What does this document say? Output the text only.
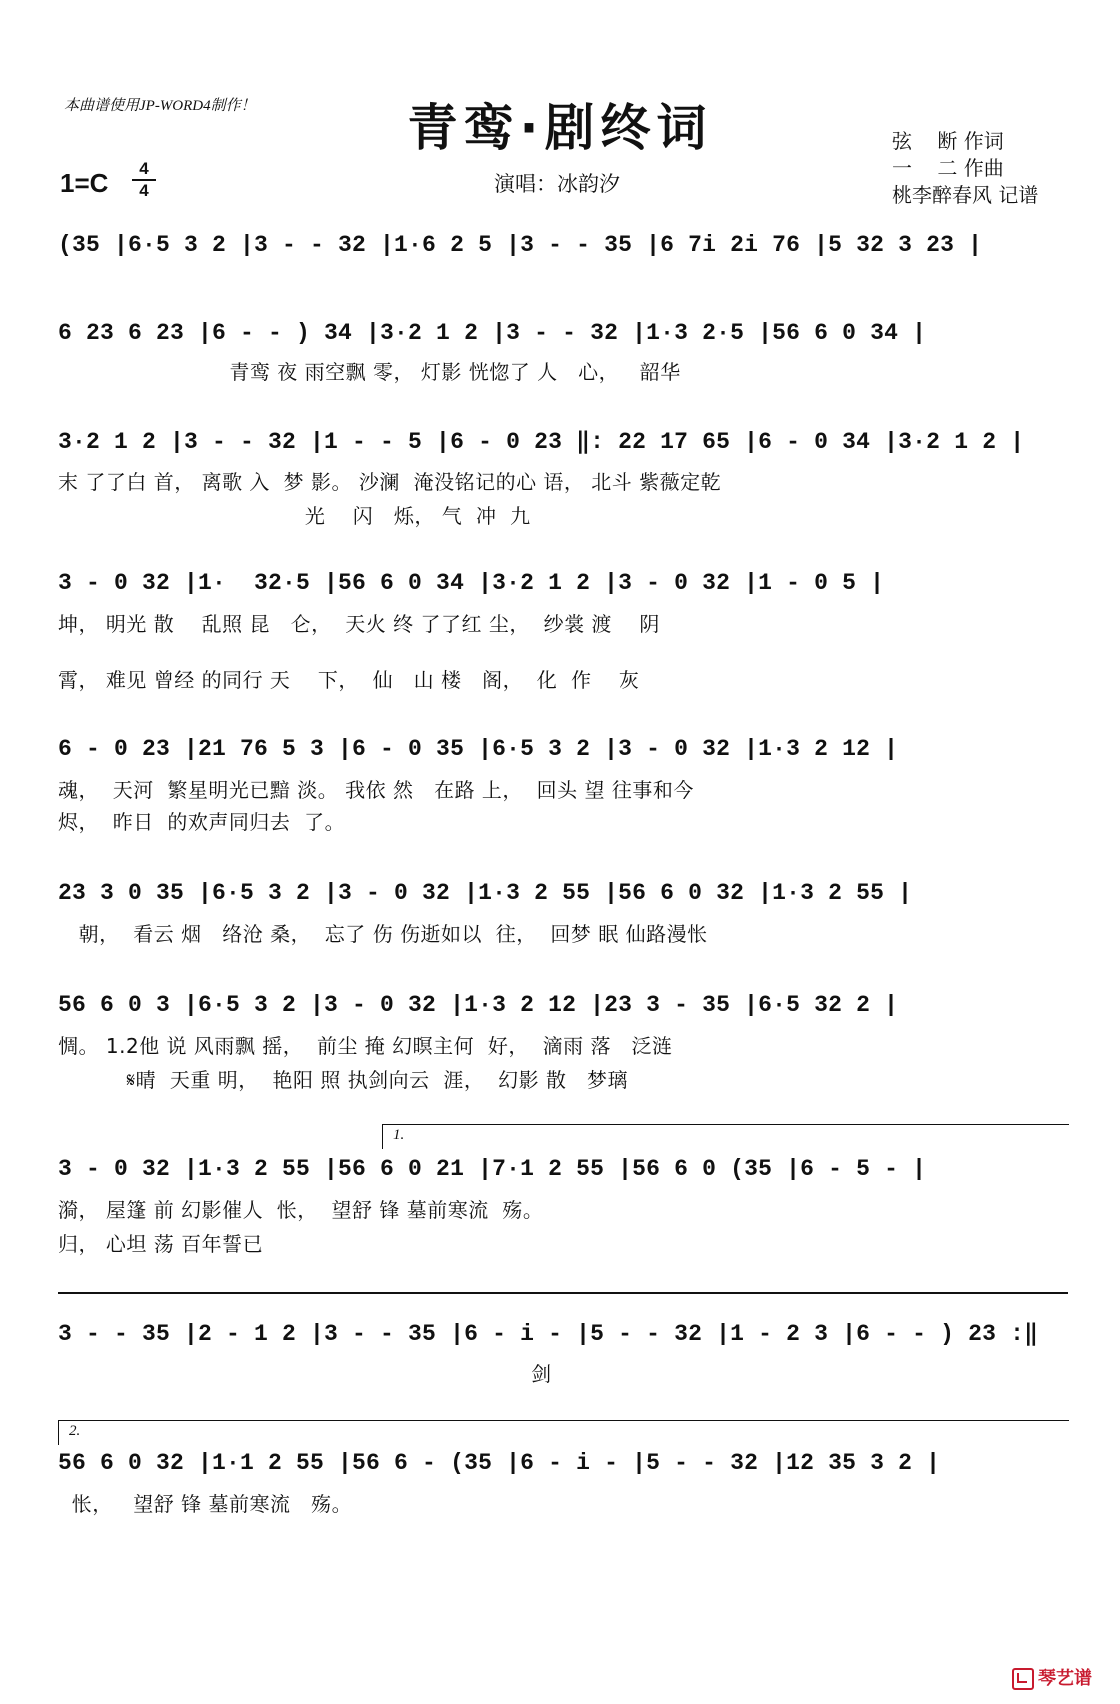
本曲谱使用JP-WORD4制作！	青鸾·剧终词
1=C	4
4	演唱：冰韵汐
弦    断 作词
一    二 作曲
桃李醉春风 记谱
(35 |6·5 3 2 |3 - - 32 |1·6 2 5 |3 - - 35 |6 7i 2i 76 |5 32 3 23 |
6 23 6 23 |6 - - ) 34 |3·2 1 2 |3 - - 32 |1·3 2·5 |56 6 0 34 |
青鸾 夜 雨空飘 零， 灯影 恍惚了 人   心，   韶华
3·2 1 2 |3 - - 32 |1 - - 5 |6 - 0 23 ‖: 22 17 65 |6 - 0 34 |3·2 1 2 |
末 了了白 首， 离歌 入  梦 影。 沙澜  淹没铭记的心 语， 北斗 紫薇定乾
光    闪   烁， 气  冲  九
3 - 0 32 |1·  32·5 |56 6 0 34 |3·2 1 2 |3 - 0 32 |1 - 0 5 |
坤， 明光 散    乱照 昆   仑，  天火 终 了了红 尘，  纱裳 渡    阴
霄， 难见 曾经 的同行 天    下，  仙   山 楼   阁，  化  作    灰
6 - 0 23 |21 76 5 3 |6 - 0 35 |6·5 3 2 |3 - 0 32 |1·3 2 12 |
魂，  天河  繁星明光已黯 淡。 我依 然   在路 上，  回头 望 往事和今
烬，  昨日  的欢声同归去  了。
23 3 0 35 |6·5 3 2 |3 - 0 32 |1·3 2 55 |56 6 0 32 |1·3 2 55 |
朝，  看云 烟   络沧 桑，  忘了 伤 伤逝如以  往，  回梦 眠 仙路漫怅
56 6 0 3 |6·5 3 2 |3 - 0 32 |1·3 2 12 |23 3 - 35 |6·5 32 2 |
惆。 1.2他 说 风雨飘 摇，  前尘 掩 幻暝主何  好，  滴雨 落   泛涟
𝄋晴  天重 明，  艳阳 照 执剑向云  涯，  幻影 散   梦璃
1.
3 - 0 32 |1·3 2 55 |56 6 0 21 |7·1 2 55 |56 6 0 (35 |6 - 5 - |
漪， 屋篷 前 幻影催人  怅，  望舒 锋 墓前寒流  殇。
归， 心坦 荡 百年誓已
3 - - 35 |2 - 1 2 |3 - - 35 |6 - i - |5 - - 32 |1 - 2 3 |6 - - ) 23 :‖
剑
2.
56 6 0 32 |1·1 2 55 |56 6 - (35 |6 - i - |5 - - 32 |12 35 3 2 |
怅，   望舒 锋 墓前寒流   殇。
琴艺谱
